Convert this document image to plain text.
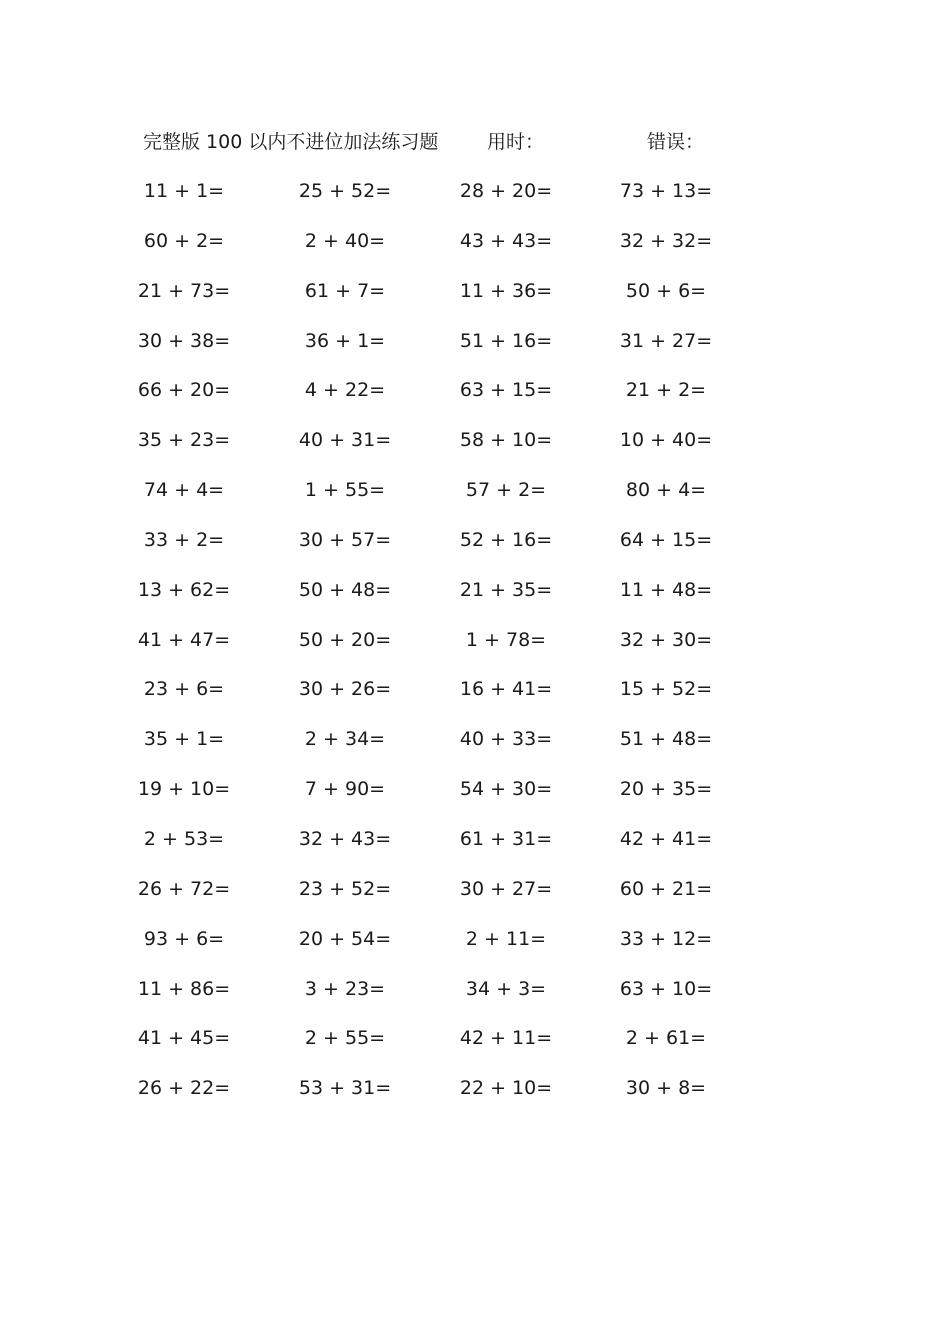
完整版 100 以内不进位加法练习题	用时：	错误：
11 + 1=	25 + 52=	28 + 20=	73 + 13=
60 + 2=	2 + 40=	43 + 43=	32 + 32=
21 + 73=	61 + 7=	11 + 36=	50 + 6=
30 + 38=	36 + 1=	51 + 16=	31 + 27=
66 + 20=	4 + 22=	63 + 15=	21 + 2=
35 + 23=	40 + 31=	58 + 10=	10 + 40=
74 + 4=	1 + 55=	57 + 2=	80 + 4=
33 + 2=	30 + 57=	52 + 16=	64 + 15=
13 + 62=	50 + 48=	21 + 35=	11 + 48=
41 + 47=	50 + 20=	1 + 78=	32 + 30=
23 + 6=	30 + 26=	16 + 41=	15 + 52=
35 + 1=	2 + 34=	40 + 33=	51 + 48=
19 + 10=	7 + 90=	54 + 30=	20 + 35=
2 + 53=	32 + 43=	61 + 31=	42 + 41=
26 + 72=	23 + 52=	30 + 27=	60 + 21=
93 + 6=	20 + 54=	2 + 11=	33 + 12=
11 + 86=	3 + 23=	34 + 3=	63 + 10=
41 + 45=	2 + 55=	42 + 11=	2 + 61=
26 + 22=	53 + 31=	22 + 10=	30 + 8=
